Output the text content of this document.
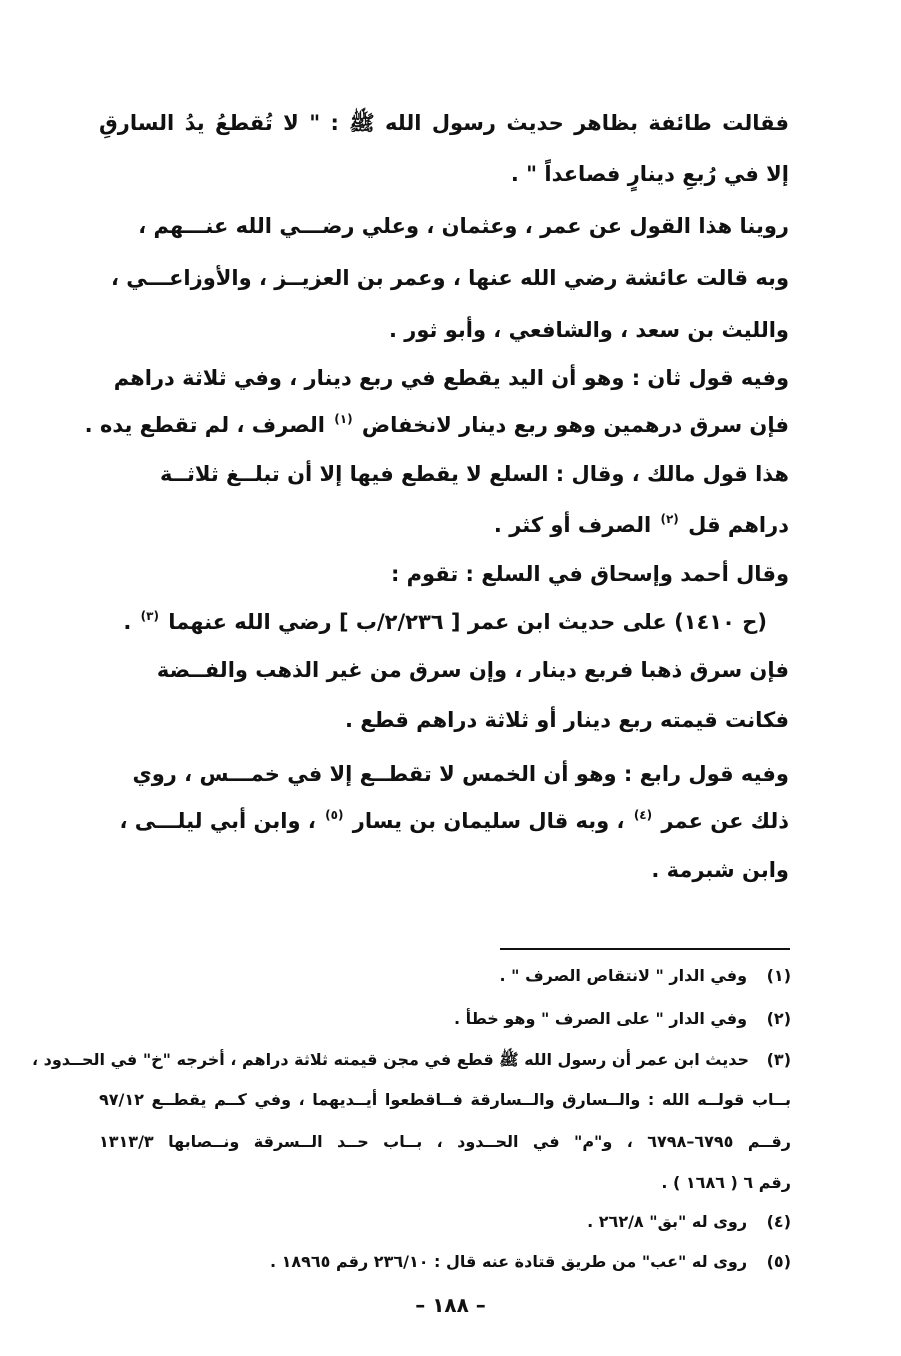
فقالت طائفة بظاهر حديث رسول الله ﷺ : " لا تُقطعُ يدُ السارقِ
إلا في رُبعِ دينارٍ فصاعداً " .
روينا هذا القول عن عمر ، وعثمان ، وعلي رضـــي الله عنـــهم ،
وبه قالت عائشة رضي الله عنها ، وعمر بن العزيــز ، والأوزاعـــي ،
والليث بن سعد ، والشافعي ، وأبو ثور .
وفيه قول ثان : وهو أن اليد يقطع في ربع دينار ، وفي ثلاثة دراهم
فإن سرق درهمين وهو ربع دينار لانخفاض $^{(١)}$ الصرف ، لم تقطع يده .
هذا قول مالك ، وقال : السلع لا يقطع فيها إلا أن تبلــغ ثلاثــة
دراهم قل $^{(٢)}$ الصرف أو كثر .
وقال أحمد وإسحاق في السلع : تقوم :
(ح ١٤١٠) على حديث ابن عمر [ ٢/٢٣٦/ب ] رضي الله عنهما $^{(٣)}$ .
فإن سرق ذهبا فربع دينار ، وإن سرق من غير الذهب والفــضة
فكانت قيمته ربع دينار أو ثلاثة دراهم قطع .
وفيه قول رابع : وهو أن الخمس لا تقطــع إلا في خمـــس ، روي
ذلك عن عمر $^{(٤)}$ ، وبه قال سليمان بن يسار $^{(٥)}$ ، وابن أبي ليلـــى ،
وابن شبرمة .
(١) وفي الدار " لانتقاص الصرف " .
(٢) وفي الدار " على الصرف " وهو خطأ .
(٣)
حديث ابن عمر أن رسول الله ﷺ قطع في مجن قيمته ثلاثة دراهم ، أخرجه "خ" في الحــدود ،
بــاب قولــه الله : والــسارق والــسارقة فــاقطعوا أيــديهما ، وفي كــم يقطــع ٩٧/١٢
رقــم ٦٧٩٥–٦٧٩٨ ، و"م" في الحــدود ، بــاب حــد الــسرقة ونــصابها ١٣١٣/٣
رقم ٦ ( ١٦٨٦ ) .
(٤) روى له "بق" ٢٦٢/٨ .
(٥) روى له "عب" من طريق قتادة عنه قال : ٢٣٦/١٠ رقم ١٨٩٦٥ .
– ١٨٨ –
